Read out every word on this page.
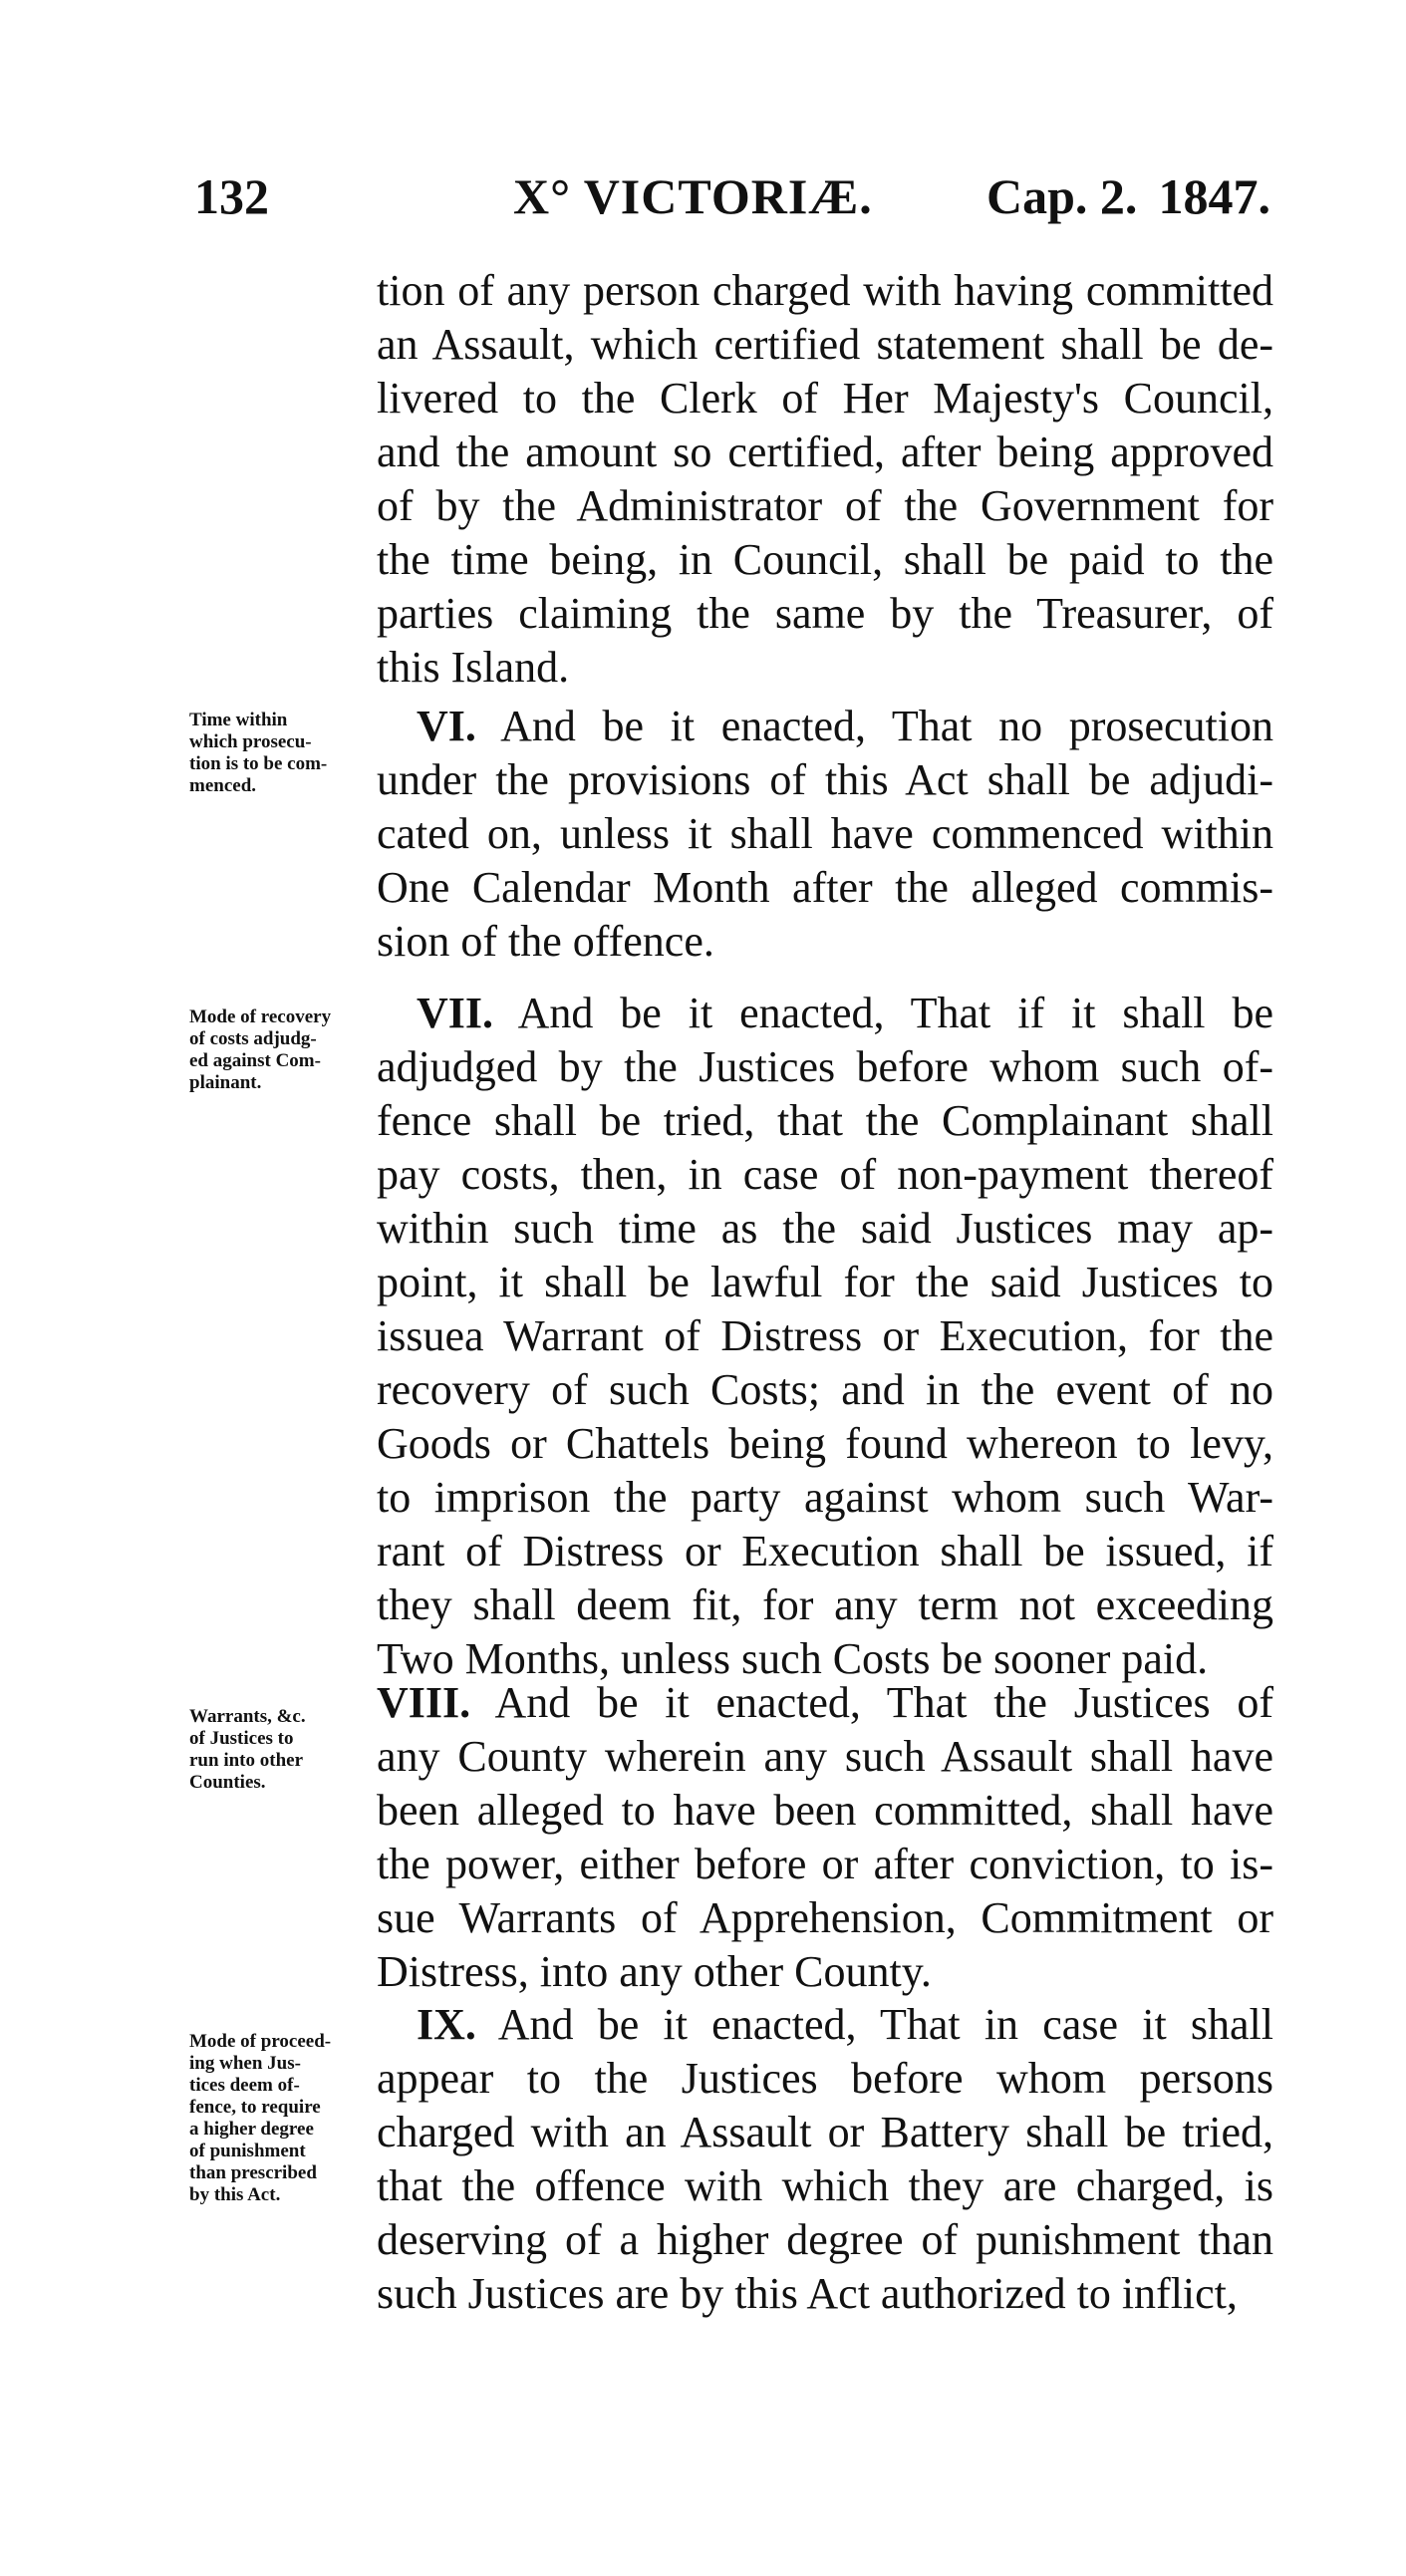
132	X° VICTORIÆ. Cap. 2. 1847.
tion of any person charged with having committed
an Assault, which certified statement shall be de-
livered to the Clerk of Her Majesty's Council,
and the amount so certified, after being approved
of by the Administrator of the Government for
the time being, in Council, shall be paid to the
parties claiming the same by the Treasurer, of
this Island.
Time within
which prosecu-
tion is to be com-
menced.
VI. And be it enacted, That no prosecution
under the provisions of this Act shall be adjudi-
cated on, unless it shall have commenced within
One Calendar Month after the alleged commis-
sion of the offence.
Mode of recovery
of costs adjudg-
ed against Com-
plainant.
VII. And be it enacted, That if it shall be
adjudged by the Justices before whom such of-
fence shall be tried, that the Complainant shall
pay costs, then, in case of non-payment thereof
within such time as the said Justices may ap-
point, it shall be lawful for the said Justices to
issuea Warrant of Distress or Execution, for the
recovery of such Costs; and in the event of no
Goods or Chattels being found whereon to levy,
to imprison the party against whom such War-
rant of Distress or Execution shall be issued, if
they shall deem fit, for any term not exceeding
Two Months, unless such Costs be sooner paid.
Warrants, &c.
of Justices to
run into other
Counties.
VIII. And be it enacted, That the Justices of
any County wherein any such Assault shall have
been alleged to have been committed, shall have
the power, either before or after conviction, to is-
sue Warrants of Apprehension, Commitment or
Distress, into any other County.
Mode of proceed-
ing when Jus-
tices deem of-
fence, to require
a higher degree
of punishment
than prescribed
by this Act.
IX. And be it enacted, That in case it shall
appear to the Justices before whom persons
charged with an Assault or Battery shall be tried,
that the offence with which they are charged, is
deserving of a higher degree of punishment than
such Justices are by this Act authorized to inflict,
